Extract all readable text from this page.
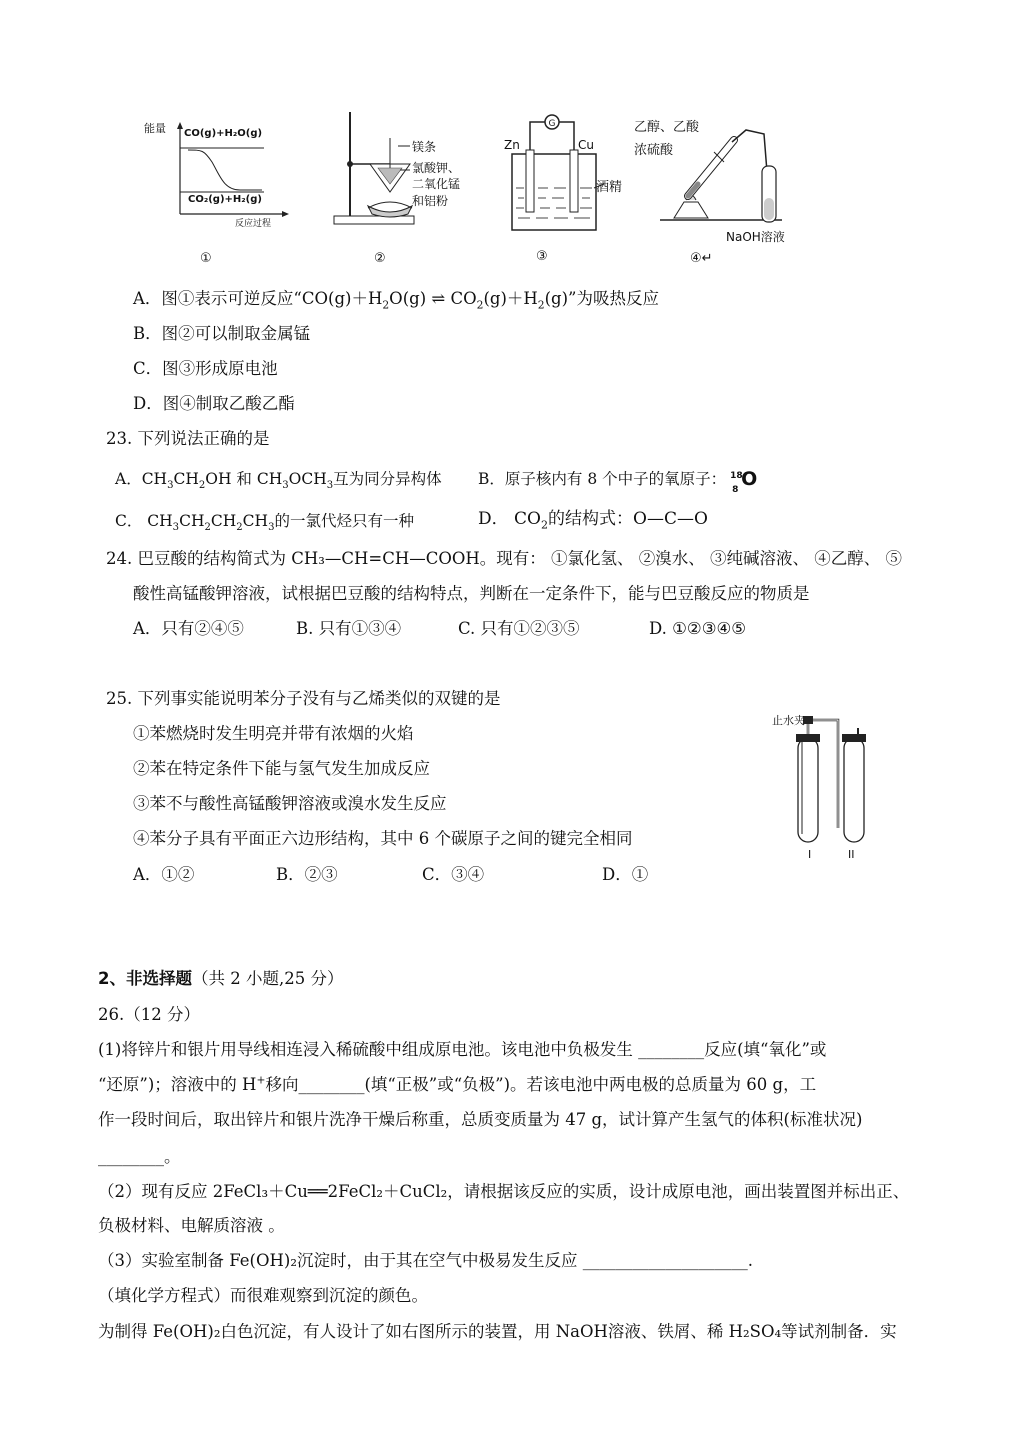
能量 CO(g)+H₂O(g)
CO₂(g)+H₂(g)
反应过程
①
镁条
氯酸钾、
二氧化锰
和铝粉
②
G
Zn	Cu
酒精
③
乙醇、乙酸
浓硫酸
NaOH溶液
④↵
A．图①表示可逆反应“$CO(g)+H_2O(g)$ ⇌ $CO_2(g)+H_2(g)$”为吸热反应
B．图②可以制取金属锰
C．图③形成原电池
D．图④制取乙酸乙酯
23. 下列说法正确的是
A．$CH_3CH_2OH$ 和 $CH_3OCH_3$互为同分异构体 B．原子核内有 8 个中子的氧原子： 18
8 O
C． $CH_3CH_2CH_2CH_3$的一氯代烃只有一种	D． $CO_2$的结构式：O—C—O
24. 巴豆酸的结构简式为 CH₃—CH=CH—COOH。现有： ①氯化氢、 ②溴水、 ③纯碱溶液、 ④乙醇、 ⑤
酸性高锰酸钾溶液，试根据巴豆酸的结构特点，判断在一定条件下，能与巴豆酸反应的物质是
A．只有②④⑤	B. 只有①③④	C. 只有①②③⑤	D. ①②③④⑤
25. 下列事实能说明苯分子没有与乙烯类似的双键的是
①苯燃烧时发生明亮并带有浓烟的火焰
②苯在特定条件下能与氢气发生加成反应
③苯不与酸性高锰酸钾溶液或溴水发生反应
④苯分子具有平面正六边形结构，其中 6 个碳原子之间的键完全相同
A．①②	B．②③	C．③④	D．①
止水夹
I	II
2、非选择题（共 2 小题,25 分）
26.（12 分）
(1)将锌片和银片用导线相连浸入稀硫酸中组成原电池。该电池中负极发生 ________反应(填“氧化”或
“还原”)；溶液中的 H+移向________(填“正极”或“负极”)。若该电池中两电极的总质量为 60 g，工
作一段时间后，取出锌片和银片洗净干燥后称重，总质变质量为 47 g，试计算产生氢气的体积(标准状况)
________。
（2）现有反应 2FeCl₃＋Cu══2FeCl₂＋CuCl₂，请根据该反应的实质，设计成原电池，画出装置图并标出正、
负极材料、电解质溶液 。
（3）实验室制备 Fe(OH)₂沉淀时，由于其在空气中极易发生反应 ____________________.
（填化学方程式）而很难观察到沉淀的颜色。
为制得 Fe(OH)₂白色沉淀，有人设计了如右图所示的装置，用 NaOH溶液、铁屑、稀 H₂SO₄等试剂制备．实
